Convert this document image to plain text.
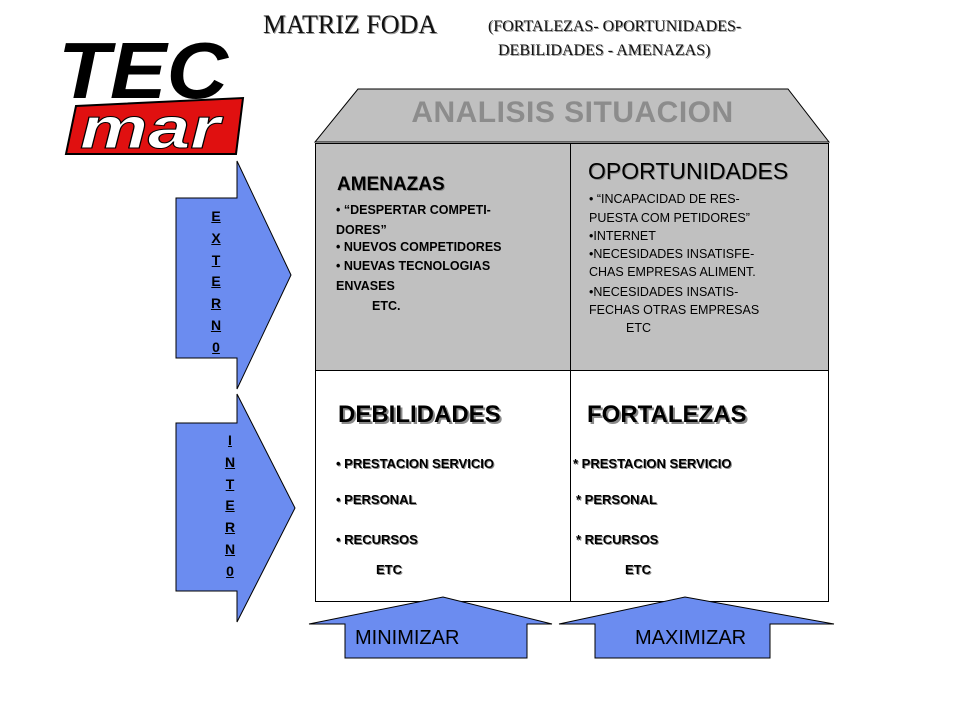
MATRIZ FODA	(FORTALEZAS- OPORTUNIDADES-
DEBILIDADES - AMENAZAS)
TEC
mar	ANALISIS SITUACION
AMENAZAS
• “DESPERTAR COMPETI-
DORES”
• NUEVOS COMPETIDORES
• NUEVAS TECNOLOGIAS
ENVASES
ETC.
OPORTUNIDADES
• “INCAPACIDAD DE RES-
PUESTA COM PETIDORES”
•INTERNET
•NECESIDADES INSATISFE-
CHAS EMPRESAS ALIMENT.
•NECESIDADES INSATIS-
FECHAS OTRAS EMPRESAS
ETC
DEBILIDADES
• PRESTACION SERVICIO
• PERSONAL
• RECURSOS
ETC
FORTALEZAS
* PRESTACION SERVICIO
* PERSONAL
* RECURSOS
ETC
E
X
T
E
R
N
0
I
N
T
E
R
N
0
MINIMIZAR	MAXIMIZAR
